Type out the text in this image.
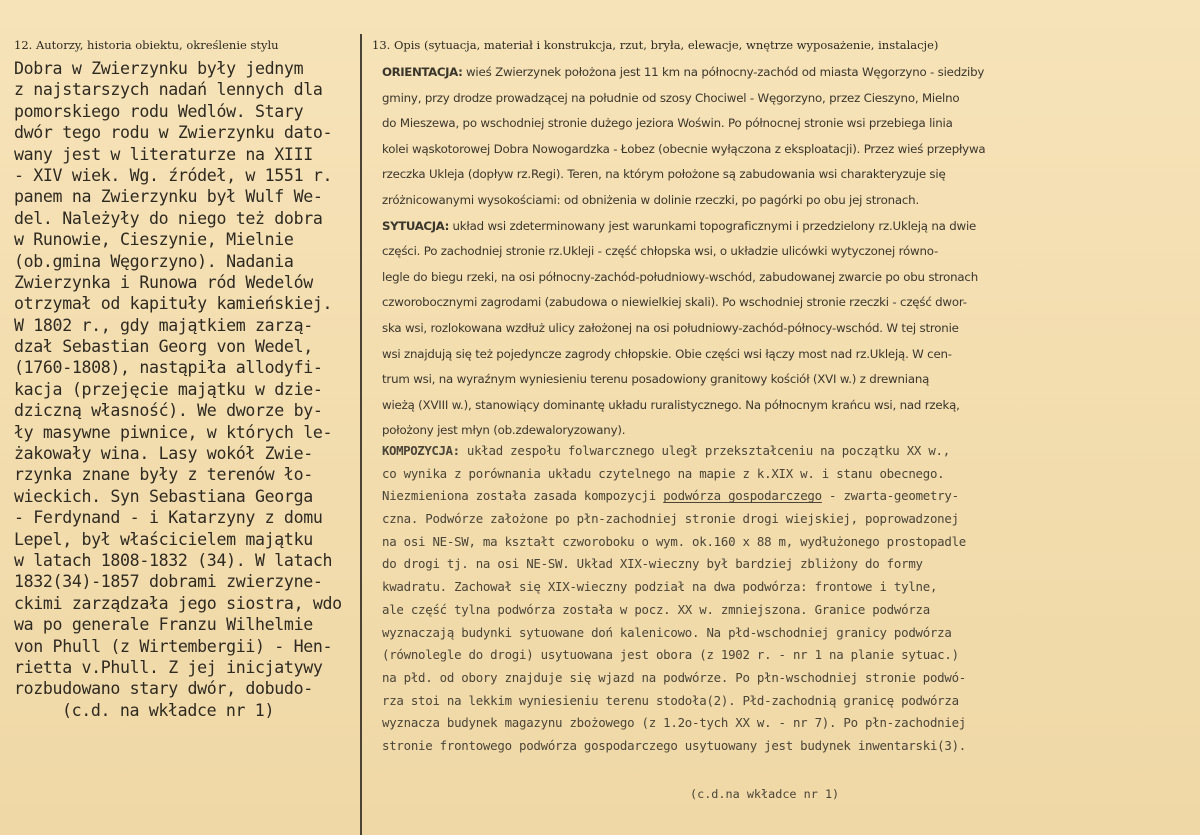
12. Autorzy, historia obiektu, określenie stylu	13. Opis (sytuacja, materiał i konstrukcja, rzut, bryła, elewacje, wnętrze wyposażenie, instalacje)
Dobra w Zwierzynku były jednym
z najstarszych nadań lennych dla
pomorskiego rodu Wedlów. Stary
dwór tego rodu w Zwierzynku dato-
wany jest w literaturze na XIII
- XIV wiek. Wg. źródeł, w 1551 r.
panem na Zwierzynku był Wulf We-
del. Należyły do niego też dobra
w Runowie, Cieszynie, Mielnie
(ob.gmina Węgorzyno). Nadania
Zwierzynka i Runowa ród Wedelów
otrzymał od kapituły kamieńskiej.
W 1802 r., gdy majątkiem zarzą-
dzał Sebastian Georg von Wedel,
(1760-1808), nastąpiła allodyfi-
kacja (przejęcie majątku w dzie-
dziczną własność). We dworze by-
ły masywne piwnice, w których le-
żakowały wina. Lasy wokół Zwie-
rzynka znane były z terenów ło-
wieckich. Syn Sebastiana Georga
- Ferdynand - i Katarzyny z domu
Lepel, był właścicielem majątku
w latach 1808-1832 (34). W latach
1832(34)-1857 dobrami zwierzyne-
ckimi zarządzała jego siostra, wdo
wa po generale Franzu Wilhelmie
von Phull (z Wirtembergii) - Hen-
rietta v.Phull. Z jej inicjatywy
rozbudowano stary dwór, dobudo-
(c.d. na wkładce nr 1)
ORIENTACJA: wieś Zwierzynek położona jest 11 km na północny-zachód od miasta Węgorzyno - siedziby
gminy, przy drodze prowadzącej na południe od szosy Chociwel - Węgorzyno, przez Cieszyno, Mielno
do Mieszewa, po wschodniej stronie dużego jeziora Woświn. Po północnej stronie wsi przebiega linia
kolei wąskotorowej Dobra Nowogardzka - Łobez (obecnie wyłączona z eksploatacji). Przez wieś przepływa
rzeczka Ukleja (dopływ rz.Regi). Teren, na którym położone są zabudowania wsi charakteryzuje się
zróżnicowanymi wysokościami: od obniżenia w dolinie rzeczki, po pagórki po obu jej stronach.
SYTUACJA: układ wsi zdeterminowany jest warunkami topograficznymi i przedzielony rz.Ukleją na dwie
części. Po zachodniej stronie rz.Ukleji - część chłopska wsi, o układzie ulicówki wytyczonej równo-
legle do biegu rzeki, na osi północny-zachód-południowy-wschód, zabudowanej zwarcie po obu stronach
czworobocznymi zagrodami (zabudowa o niewielkiej skali). Po wschodniej stronie rzeczki - część dwor-
ska wsi, rozlokowana wzdłuż ulicy założonej na osi południowy-zachód-północy-wschód. W tej stronie
wsi znajdują się też pojedyncze zagrody chłopskie. Obie części wsi łączy most nad rz.Ukleją. W cen-
trum wsi, na wyraźnym wyniesieniu terenu posadowiony granitowy kościół (XVI w.) z drewnianą
wieżą (XVIII w.), stanowiący dominantę układu ruralistycznego. Na północnym krańcu wsi, nad rzeką,
położony jest młyn (ob.zdewaloryzowany).
KOMPOZYCJA: układ zespołu folwarcznego uległ przekształceniu na początku XX w.,
co wynika z porównania układu czytelnego na mapie z k.XIX w. i stanu obecnego.
Niezmieniona została zasada kompozycji podwórza gospodarczego - zwarta-geometry-
czna. Podwórze założone po płn-zachodniej stronie drogi wiejskiej, poprowadzonej
na osi NE-SW, ma kształt czworoboku o wym. ok.160 x 88 m, wydłużonego prostopadle
do drogi tj. na osi NE-SW. Układ XIX-wieczny był bardziej zbliżony do formy
kwadratu. Zachował się XIX-wieczny podział na dwa podwórza: frontowe i tylne,
ale część tylna podwórza została w pocz. XX w. zmniejszona. Granice podwórza
wyznaczają budynki sytuowane doń kalenicowo. Na płd-wschodniej granicy podwórza
(równolegle do drogi) usytuowana jest obora (z 1902 r. - nr 1 na planie sytuac.)
na płd. od obory znajduje się wjazd na podwórze. Po płn-wschodniej stronie podwó-
rza stoi na lekkim wyniesieniu terenu stodoła(2). Płd-zachodnią granicę podwórza
wyznacza budynek magazynu zbożowego (z 1.2o-tych XX w. - nr 7). Po płn-zachodniej
stronie frontowego podwórza gospodarczego usytuowany jest budynek inwentarski(3).
(c.d.na wkładce nr 1)
